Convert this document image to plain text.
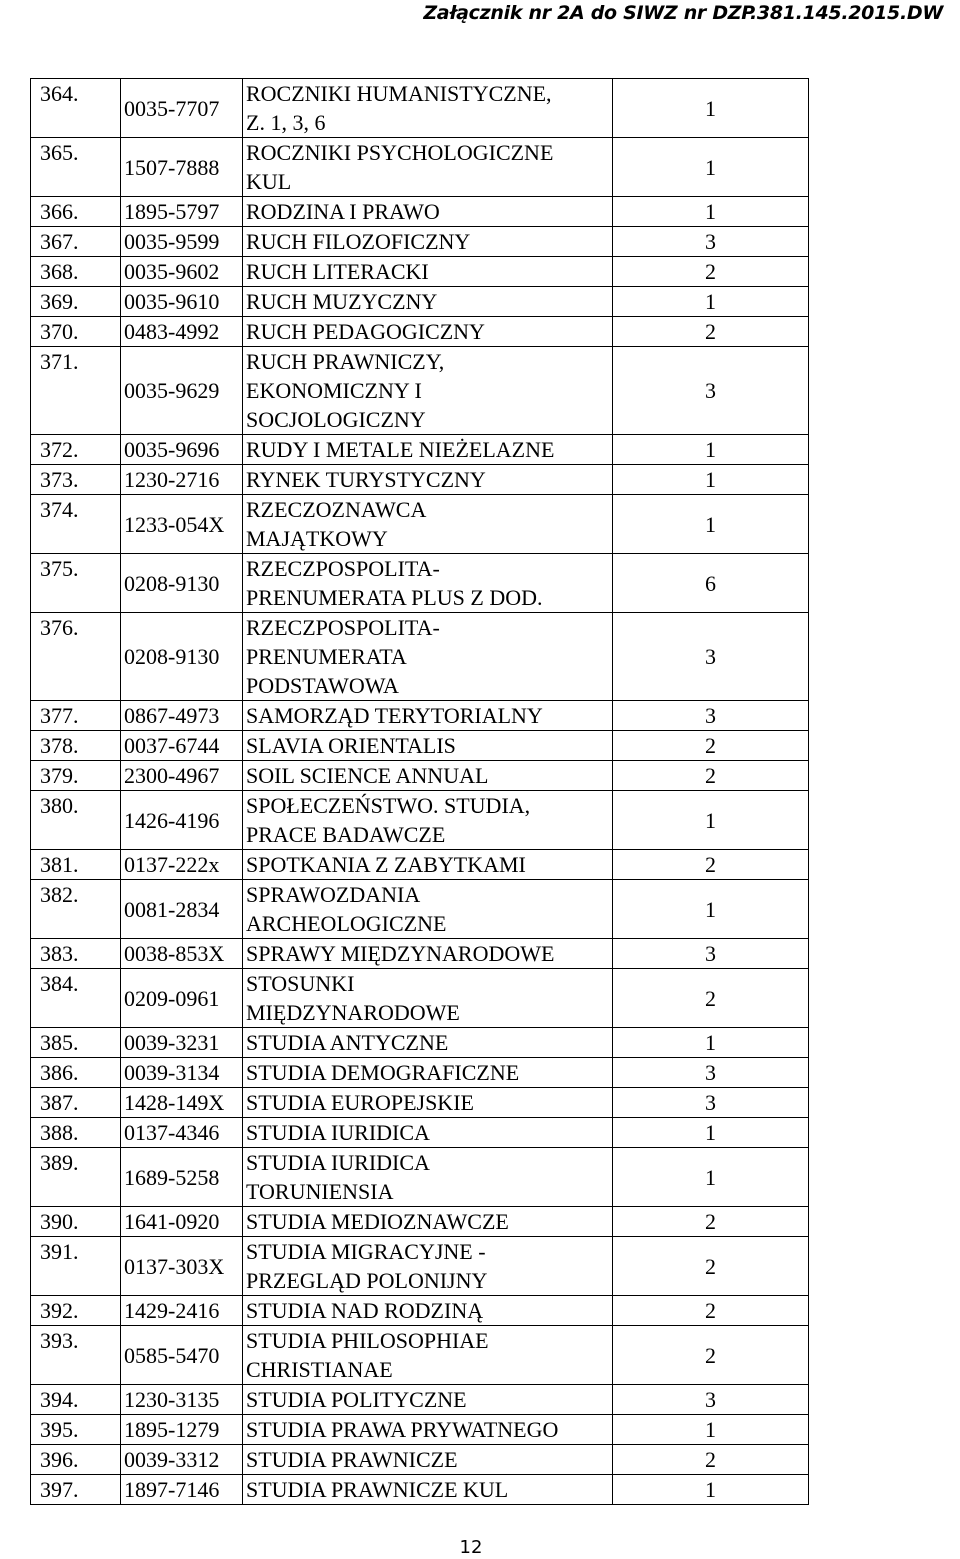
Załącznik nr 2A do SIWZ nr DZP.381.145.2015.DW
364.	0035-7707	ROCZNIKI HUMANISTYCZNE,
Z. 1, 3, 6	1	
365.	1507-7888	ROCZNIKI PSYCHOLOGICZNE
KUL	1	
366.	1895-5797	RODZINA I PRAWO	1	
367.	0035-9599	RUCH FILOZOFICZNY	3	
368.	0035-9602	RUCH LITERACKI	2	
369.	0035-9610	RUCH MUZYCZNY	1	
370.	0483-4992	RUCH PEDAGOGICZNY	2	
371.	0035-9629	RUCH PRAWNICZY,
EKONOMICZNY I
SOCJOLOGICZNY	3	
372.	0035-9696	RUDY I METALE NIEŻELAZNE	1	
373.	1230-2716	RYNEK TURYSTYCZNY	1	
374.	1233-054X	RZECZOZNAWCA
MAJĄTKOWY	1	
375.	0208-9130	RZECZPOSPOLITA-
PRENUMERATA PLUS Z DOD.	6	
376.	0208-9130	RZECZPOSPOLITA-
PRENUMERATA
PODSTAWOWA	3	
377.	0867-4973	SAMORZĄD TERYTORIALNY	3	
378.	0037-6744	SLAVIA ORIENTALIS	2	
379.	2300-4967	SOIL SCIENCE ANNUAL	2	
380.	1426-4196	SPOŁECZEŃSTWO. STUDIA,
PRACE BADAWCZE	1	
381.	0137-222x	SPOTKANIA Z ZABYTKAMI	2	
382.	0081-2834	SPRAWOZDANIA
ARCHEOLOGICZNE	1	
383.	0038-853X	SPRAWY MIĘDZYNARODOWE	3	
384.	0209-0961	STOSUNKI
MIĘDZYNARODOWE	2	
385.	0039-3231	STUDIA ANTYCZNE	1	
386.	0039-3134	STUDIA DEMOGRAFICZNE	3	
387.	1428-149X	STUDIA EUROPEJSKIE	3	
388.	0137-4346	STUDIA IURIDICA	1	
389.	1689-5258	STUDIA IURIDICA
TORUNIENSIA	1	
390.	1641-0920	STUDIA MEDIOZNAWCZE	2	
391.	0137-303X	STUDIA MIGRACYJNE -
PRZEGLĄD POLONIJNY	2	
392.	1429-2416	STUDIA NAD RODZINĄ	2	
393.	0585-5470	STUDIA PHILOSOPHIAE
CHRISTIANAE	2	
394.	1230-3135	STUDIA POLITYCZNE	3	
395.	1895-1279	STUDIA PRAWA PRYWATNEGO	1	
396.	0039-3312	STUDIA PRAWNICZE	2	
397.	1897-7146	STUDIA PRAWNICZE KUL	1	
12
